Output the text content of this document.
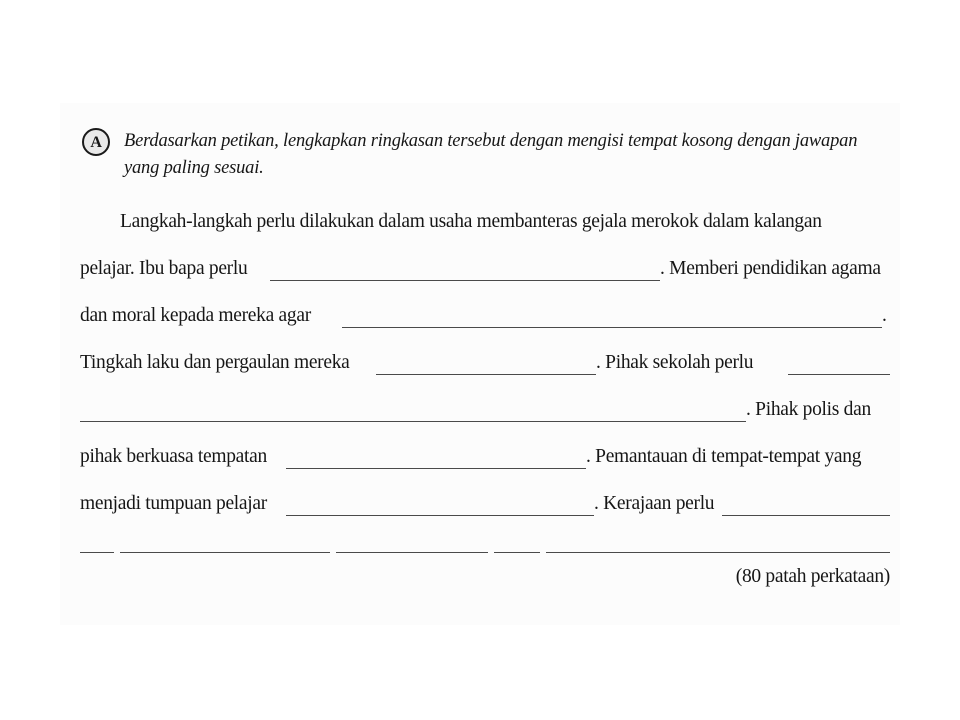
A	Berdasarkan petikan, lengkapkan ringkasan tersebut dengan mengisi tempat kosong dengan jawapan yang paling sesuai.
Langkah-langkah perlu dilakukan dalam usaha membanteras gejala merokok dalam kalangan
pelajar. Ibu bapa perlu	. Memberi pendidikan agama
dan moral kepada mereka agar	.
Tingkah laku dan pergaulan mereka	. Pihak sekolah perlu
. Pihak polis dan
pihak berkuasa tempatan	. Pemantauan di tempat-tempat yang
menjadi tumpuan pelajar	. Kerajaan perlu
(80 patah perkataan)
